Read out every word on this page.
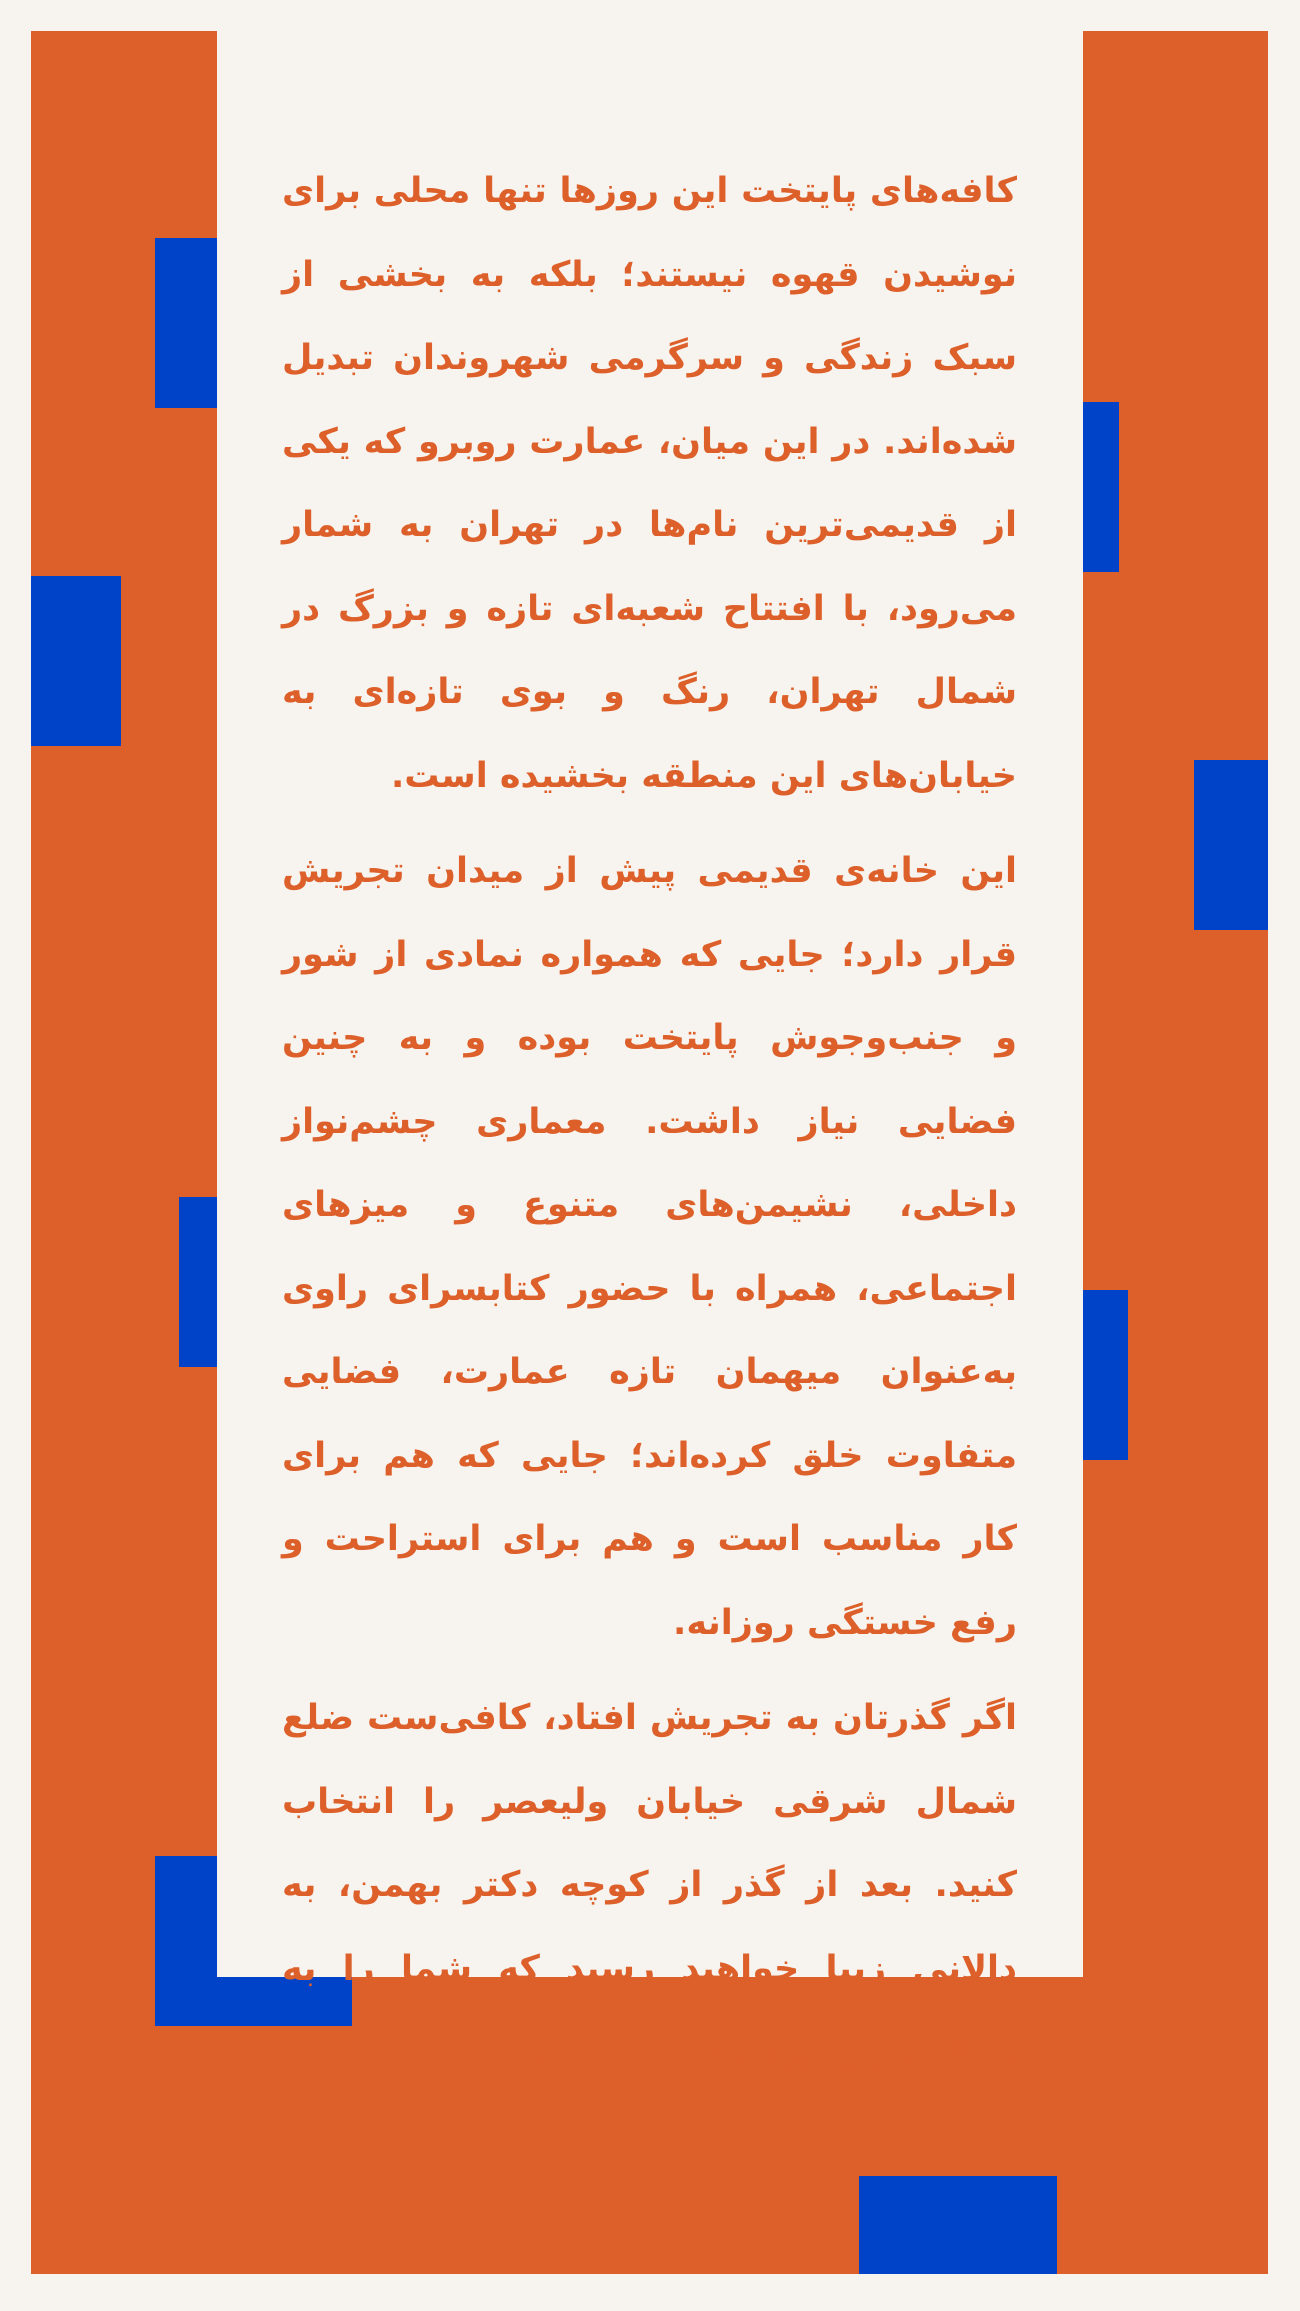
کافه‌های پایتخت این روزها تنها محلی برای نوشیدن قهوه نیستند؛ بلکه به بخشی از سبک زندگی و سرگرمی شهروندان تبدیل شده‌اند. در این میان، عمارت روبرو که یکی از قدیمی‌ترین نام‌ها در تهران به شمار می‌رود، با افتتاح شعبه‌ای تازه و بزرگ در شمال تهران، رنگ و بوی تازه‌ای به خیابان‌های این منطقه بخشیده است.

این خانه‌ی قدیمی پیش از میدان تجریش قرار دارد؛ جایی که همواره نمادی از شور و جنب‌وجوش پایتخت بوده و به چنین فضایی نیاز داشت. معماری چشم‌نواز داخلی، نشیمن‌های متنوع و میزهای اجتماعی، همراه با حضور کتابسرای راوی به‌عنوان میهمان تازه عمارت، فضایی متفاوت خلق کرده‌اند؛ جایی که هم برای کار مناسب است و هم برای استراحت و رفع خستگی روزانه.

اگر گذرتان به تجریش افتاد، کافی‌ست ضلع شمال شرقی خیابان ولیعصر را انتخاب کنید. بعد از گذر از کوچه دکتر بهمن، به دالانی زیبا خواهید رسید که شما را به عمارت روبرو هدایت می‌کند.
